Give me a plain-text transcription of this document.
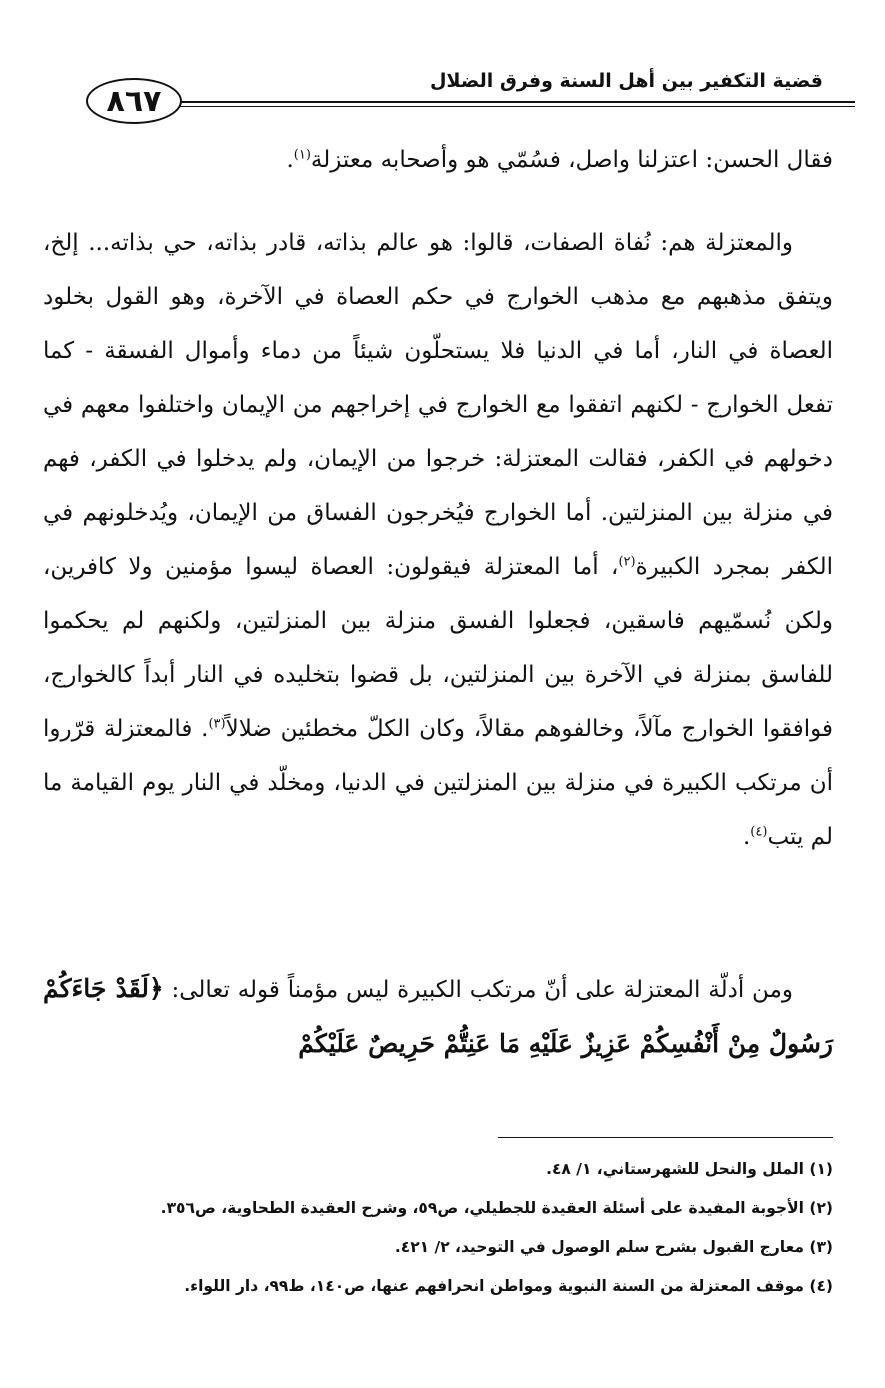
قضية التكفير بين أهل السنة وفرق الضلال
٨٦٧
فقال الحسن: اعتزلنا واصل، فسُمّي هو وأصحابه معتزلة$^{(١)}$.
والمعتزلة هم: نُفاة الصفات، قالوا: هو عالم بذاته، قادر بذاته، حي بذاته... إلخ، ويتفق مذهبهم مع مذهب الخوارج في حكم العصاة في الآخرة، وهو القول بخلود العصاة في النار، أما في الدنيا فلا يستحلّون شيئاً من دماء وأموال الفسقة - كما تفعل الخوارج - لكنهم اتفقوا مع الخوارج في إخراجهم من الإيمان واختلفوا معهم في دخولهم في الكفر، فقالت المعتزلة: خرجوا من الإيمان، ولم يدخلوا في الكفر، فهم في منزلة بين المنزلتين. أما الخوارج فيُخرجون الفساق من الإيمان، ويُدخلونهم في الكفر بمجرد الكبيرة$^{(٢)}$، أما المعتزلة فيقولون: العصاة ليسوا مؤمنين ولا كافرين، ولكن نُسمّيهم فاسقين، فجعلوا الفسق منزلة بين المنزلتين، ولكنهم لم يحكموا للفاسق بمنزلة في الآخرة بين المنزلتين، بل قضوا بتخليده في النار أبداً كالخوارج، فوافقوا الخوارج مآلاً، وخالفوهم مقالاً، وكان الكلّ مخطئين ضلالاً$^{(٣)}$. فالمعتزلة قرّروا أن مرتكب الكبيرة في منزلة بين المنزلتين في الدنيا، ومخلّد في النار يوم القيامة ما لم يتب$^{(٤)}$.
ومن أدلّة المعتزلة على أنّ مرتكب الكبيرة ليس مؤمناً قوله تعالى: ﴿لَقَدْ جَاءَكُمْ رَسُولٌ مِنْ أَنْفُسِكُمْ عَزِيزٌ عَلَيْهِ مَا عَنِتُّمْ حَرِيصٌ عَلَيْكُمْ
(١) الملل والنحل للشهرستاني، ١/ ٤٨.
(٢) الأجوبة المفيدة على أسئلة العقيدة للجطيلي، ص٥٩، وشرح العقيدة الطحاوية، ص٣٥٦.
(٣) معارج القبول بشرح سلم الوصول في التوحيد، ٢/ ٤٢١.
(٤) موقف المعتزلة من السنة النبوية ومواطن انحرافهم عنها، ص١٤٠، ط٩٩، دار اللواء.
